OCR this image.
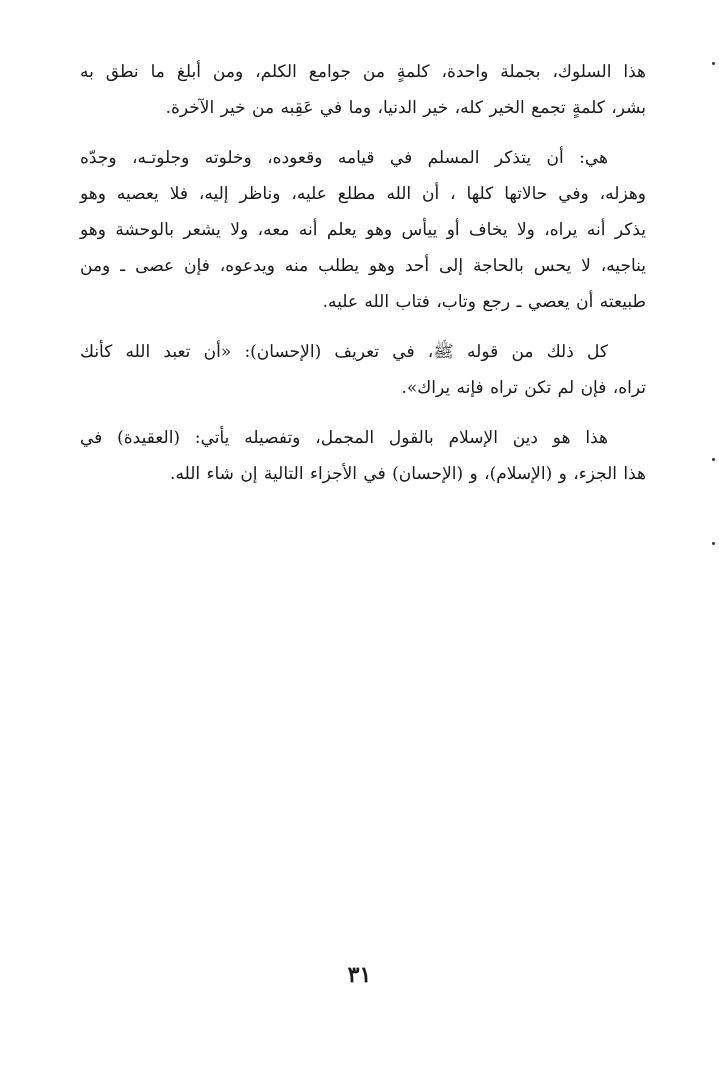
هذا السلوك، بجملة واحدة، كلمةٍ من جوامع الكلم، ومن أبلغ ما نطق به
بشر، كلمةٍ تجمع الخير كله، خير الدنيا، وما في عَقِبه من خير الآخرة.

هي: أن يتذكر المسلم في قيامه وقعوده، وخلوته وجلوتـه، وجدّه
وهزله، وفي حالاتها كلها ، أن الله مطلع عليه، وناظر إليه، فلا يعصيه وهو
يذكر أنه يراه، ولا يخاف أو ييأس وهو يعلم أنه معه، ولا يشعر بالوحشة وهو
يناجيه، لا يحس بالحاجة إلى أحد وهو يطلب منه ويدعوه، فإن عصى ـ ومن
طبيعته أن يعصي ـ رجع وتاب، فتاب الله عليه.

كل ذلك من قوله ﷺ، في تعريف (الإحسان): «أن تعبد الله كأنك
تراه، فإن لم تكن تراه فإنه يراك».

هذا هو دين الإسلام بالقول المجمل، وتفصيله يأتي: (العقيدة) في
هذا الجزء، و (الإسلام)، و (الإحسان) في الأجزاء التالية إن شاء الله.

٣١
